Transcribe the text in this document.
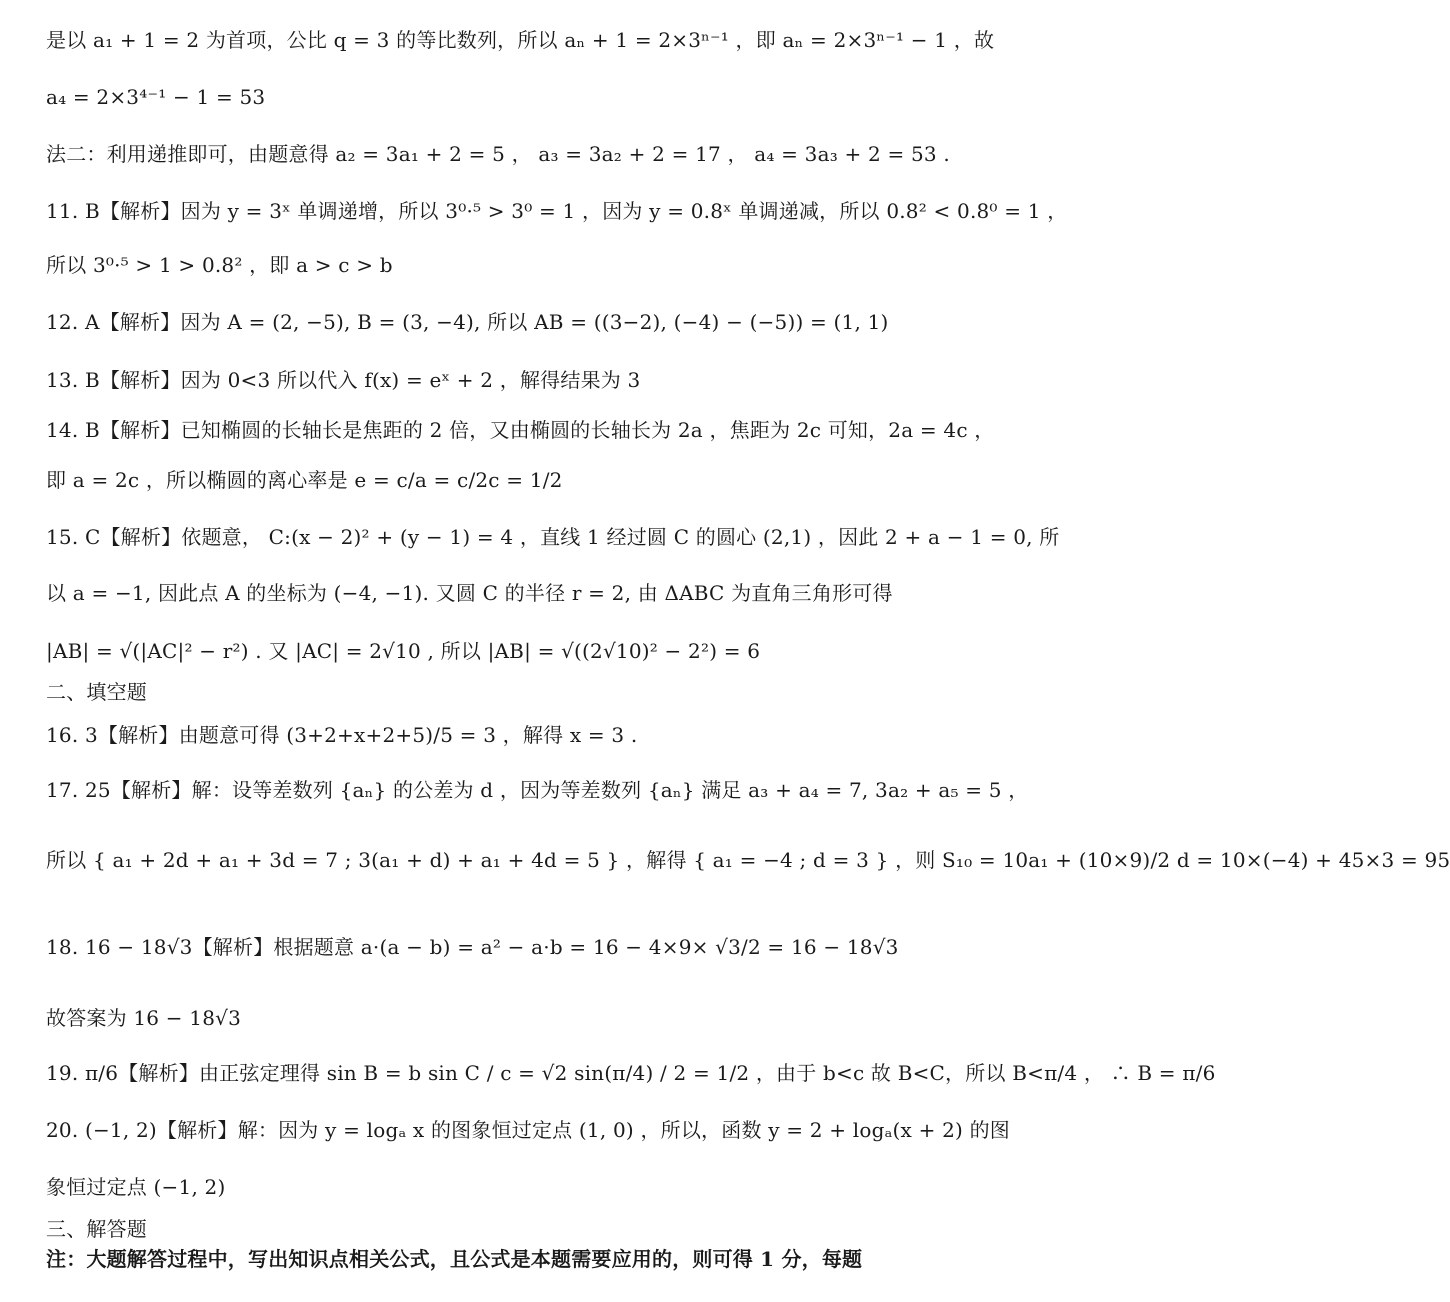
是以 a₁ + 1 = 2 为首项，公比 q = 3 的等比数列，所以 aₙ + 1 = 2×3ⁿ⁻¹ ，即 aₙ = 2×3ⁿ⁻¹ − 1 ，故
a₄ = 2×3⁴⁻¹ − 1 = 53
法二：利用递推即可，由题意得 a₂ = 3a₁ + 2 = 5 ， a₃ = 3a₂ + 2 = 17 ， a₄ = 3a₃ + 2 = 53 .
11. B【解析】因为 y = 3ˣ 单调递增，所以 3⁰·⁵ > 3⁰ = 1 ，因为 y = 0.8ˣ 单调递减，所以 0.8² < 0.8⁰ = 1 ，
所以 3⁰·⁵ > 1 > 0.8² ，即 a > c > b
12. A【解析】因为 A = (2, −5), B = (3, −4), 所以 AB = ((3−2), (−4) − (−5)) = (1, 1)
13. B【解析】因为 0<3 所以代入 f(x) = eˣ + 2 ，解得结果为 3
14. B【解析】已知椭圆的长轴长是焦距的 2 倍，又由椭圆的长轴长为 2a ，焦距为 2c 可知，2a = 4c ，
即 a = 2c ，所以椭圆的离心率是 e = c/a = c/2c = 1/2
15. C【解析】依题意， C:(x − 2)² + (y − 1) = 4 ，直线 1 经过圆 C 的圆心 (2,1) ，因此 2 + a − 1 = 0, 所
以 a = −1, 因此点 A 的坐标为 (−4, −1). 又圆 C 的半径 r = 2, 由 ΔABC 为直角三角形可得
|AB| = √(|AC|² − r²) . 又 |AC| = 2√10 , 所以 |AB| = √((2√10)² − 2²) = 6
二、填空题
16. 3【解析】由题意可得 (3+2+x+2+5)/5 = 3 ，解得 x = 3 .
17. 25【解析】解：设等差数列 {aₙ} 的公差为 d ，因为等差数列 {aₙ} 满足 a₃ + a₄ = 7, 3a₂ + a₅ = 5 ，
所以 { a₁ + 2d + a₁ + 3d = 7 ; 3(a₁ + d) + a₁ + 4d = 5 } ，解得 { a₁ = −4 ; d = 3 } ，则 S₁₀ = 10a₁ + (10×9)/2 d = 10×(−4) + 45×3 = 95
18. 16 − 18√3【解析】根据题意 a·(a − b) = a² − a·b = 16 − 4×9× √3/2 = 16 − 18√3
故答案为 16 − 18√3
19. π/6【解析】由正弦定理得 sin B = b sin C / c = √2 sin(π/4) / 2 = 1/2 ，由于 b<c 故 B<C，所以 B<π/4 ， ∴ B = π/6
20. (−1, 2)【解析】解：因为 y = logₐ x 的图象恒过定点 (1, 0) ，所以，函数 y = 2 + logₐ(x + 2) 的图
象恒过定点 (−1, 2)
三、解答题
注：大题解答过程中，写出知识点相关公式，且公式是本题需要应用的，则可得 1 分，每题
